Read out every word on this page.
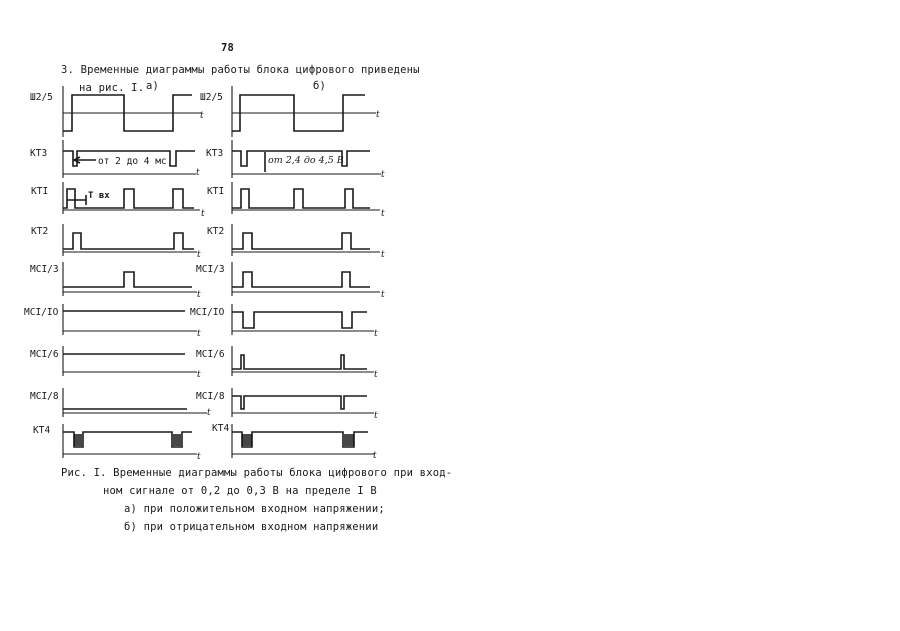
78
3. Временные диаграммы работы блока цифрового приведены
на рис. I. а)	б)
Ш2/5
КТ3
КТI
КТ2
МСI/3
МСI/IO
МСI/6
МСI/8
КТ4
Ш2/5
КТ3
КТI
КТ2
МСI/3
МСI/IO
МСI/6
МСI/8
КТ4
от 2 до 4 мс	от 2,4 до 4,5 В
Т вх
t
t
t
t
t
t
t
t
t
t
t
t
t
t
t
t
t
t
Рис. I. Временные диаграммы работы блока цифрового при вход-
ном сигнале от 0,2 до 0,3 В на пределе I В
а) при положительном входном напряжении;
б) при отрицательном входном напряжении
